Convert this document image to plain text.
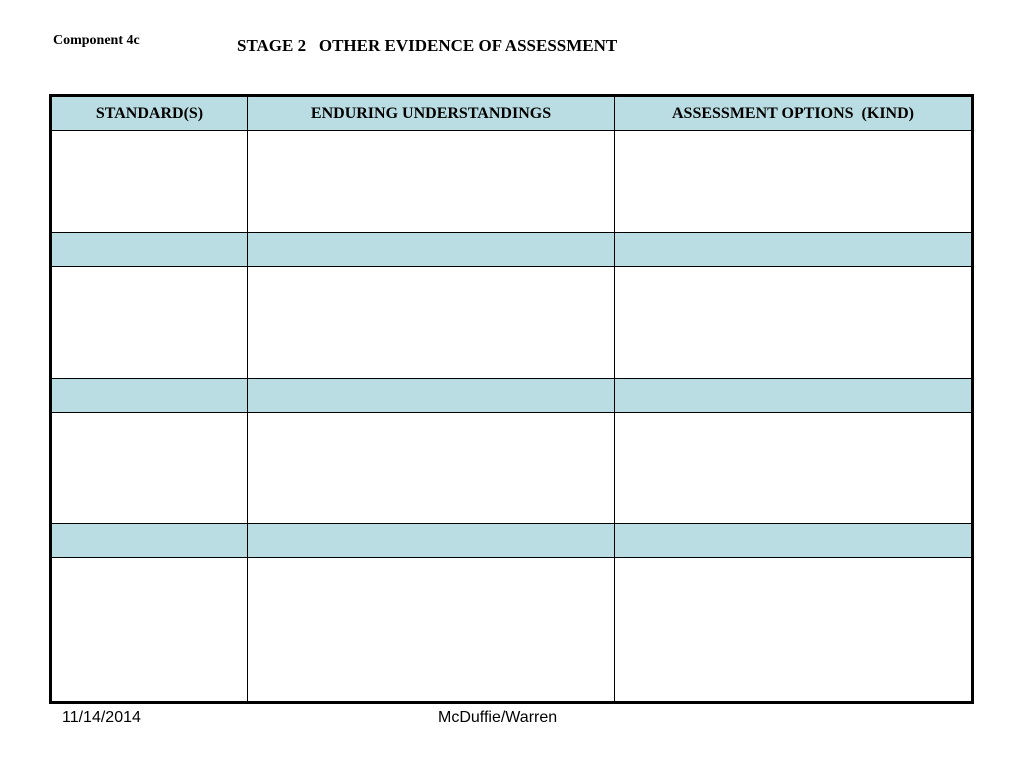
Component 4c	STAGE 2   OTHER EVIDENCE OF ASSESSMENT
STANDARD(S)	ENDURING UNDERSTANDINGS	ASSESSMENT OPTIONS  (KIND)
11/14/2014	McDuffie/Warren
